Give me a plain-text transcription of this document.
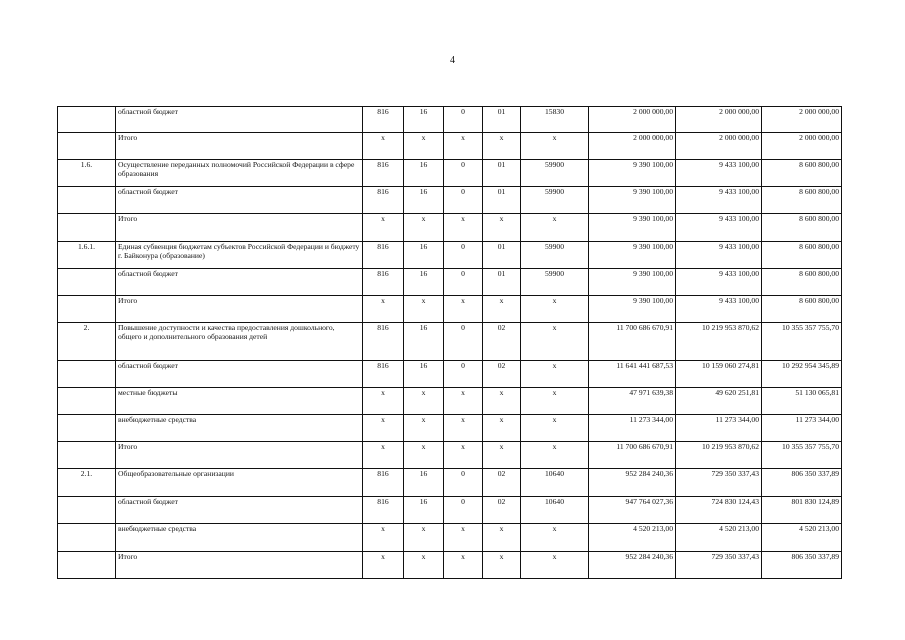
4
	областной бюджет	816	16	0	01	15830	2 000 000,00	2 000 000,00	2 000 000,00
	Итого	x	x	x	x	x	2 000 000,00	2 000 000,00	2 000 000,00
1.6.	Осуществление переданных полномочий Российской Федерации в сфере образования	816	16	0	01	59900	9 390 100,00	9 433 100,00	8 600 800,00
	областной бюджет	816	16	0	01	59900	9 390 100,00	9 433 100,00	8 600 800,00
	Итого	x	x	x	x	x	9 390 100,00	9 433 100,00	8 600 800,00
1.6.1.	Единая субвенция бюджетам субъектов Российской Федерации и бюджету г. Байконура (образование)	816	16	0	01	59900	9 390 100,00	9 433 100,00	8 600 800,00
	областной бюджет	816	16	0	01	59900	9 390 100,00	9 433 100,00	8 600 800,00
	Итого	x	x	x	x	x	9 390 100,00	9 433 100,00	8 600 800,00
2.	Повышение доступности и качества предоставления дошкольного, общего и дополнительного образования детей	816	16	0	02	x	11 700 686 670,91	10 219 953 870,62	10 355 357 755,70
	областной бюджет	816	16	0	02	x	11 641 441 687,53	10 159 060 274,81	10 292 954 345,89
	местные бюджеты	x	x	x	x	x	47 971 639,38	49 620 251,81	51 130 065,81
	внебюджетные средства	x	x	x	x	x	11 273 344,00	11 273 344,00	11 273 344,00
	Итого	x	x	x	x	x	11 700 686 670,91	10 219 953 870,62	10 355 357 755,70
2.1.	Общеобразовательные организации	816	16	0	02	10640	952 284 240,36	729 350 337,43	806 350 337,89
	областной бюджет	816	16	0	02	10640	947 764 027,36	724 830 124,43	801 830 124,89
	внебюджетные средства	x	x	x	x	x	4 520 213,00	4 520 213,00	4 520 213,00
	Итого	x	x	x	x	x	952 284 240,36	729 350 337,43	806 350 337,89
